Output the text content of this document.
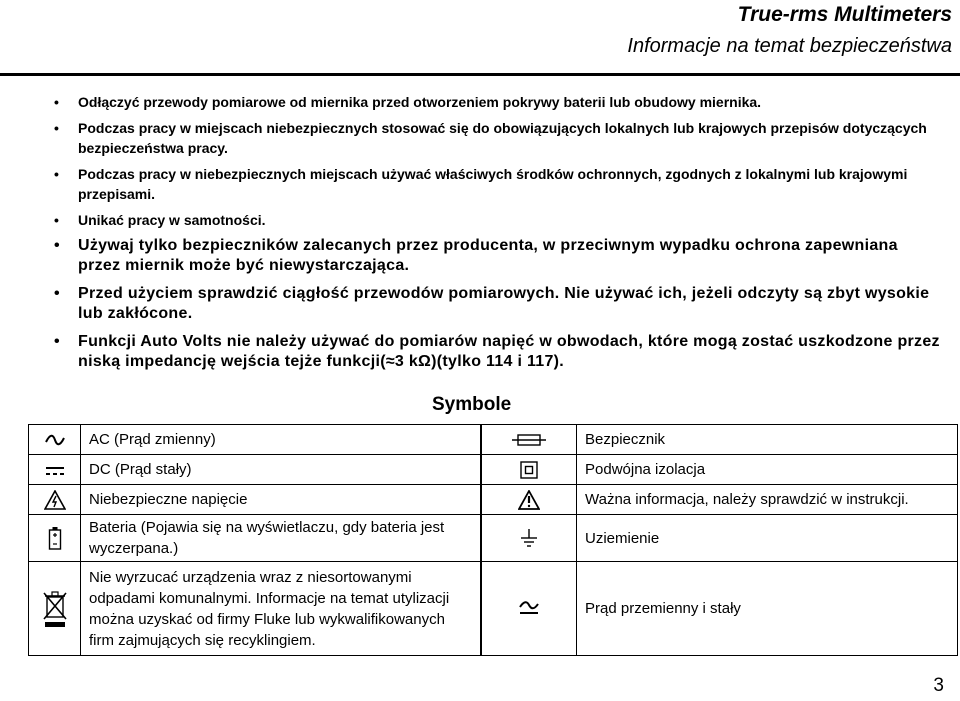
True-rms Multimeters
Informacje na temat bezpieczeństwa
• Odłączyć przewody pomiarowe od miernika przed otworzeniem pokrywy baterii lub obudowy miernika.
• Podczas pracy w miejscach niebezpiecznych stosować się do obowiązujących lokalnych lub krajowych przepisów dotyczących bezpieczeństwa pracy.
• Podczas pracy w niebezpiecznych miejscach używać właściwych środków ochronnych, zgodnych z lokalnymi lub krajowymi przepisami.
• Unikać pracy w samotności.
• Używaj tylko bezpieczników zalecanych przez producenta, w przeciwnym wypadku ochrona zapewniana przez miernik może być niewystarczająca.
• Przed użyciem sprawdzić ciągłość przewodów pomiarowych. Nie używać ich, jeżeli odczyty są zbyt wysokie lub zakłócone.
• Funkcji Auto Volts nie należy używać do pomiarów napięć w obwodach, które mogą zostać uszkodzone przez niską impedancję wejścia tejże funkcji(≈3 kΩ)(tylko 114 i 117).
Symbole
	AC (Prąd zmienny)			Bezpiecznik

	DC (Prąd stały)			Podwójna izolacja

	Niebezpieczne napięcie			Ważna informacja, należy sprawdzić w instrukcji.

	Bateria (Pojawia się na wyświetlaczu, gdy bateria jest wyczerpana.)			Uziemienie

	Nie wyrzucać urządzenia wraz z niesortowanymi odpadami komunalnymi. Informacje na temat utylizacji można uzyskać od firmy Fluke lub wykwalifikowanych firm zajmujących się recyklingiem.			Prąd przemienny i stały
3
